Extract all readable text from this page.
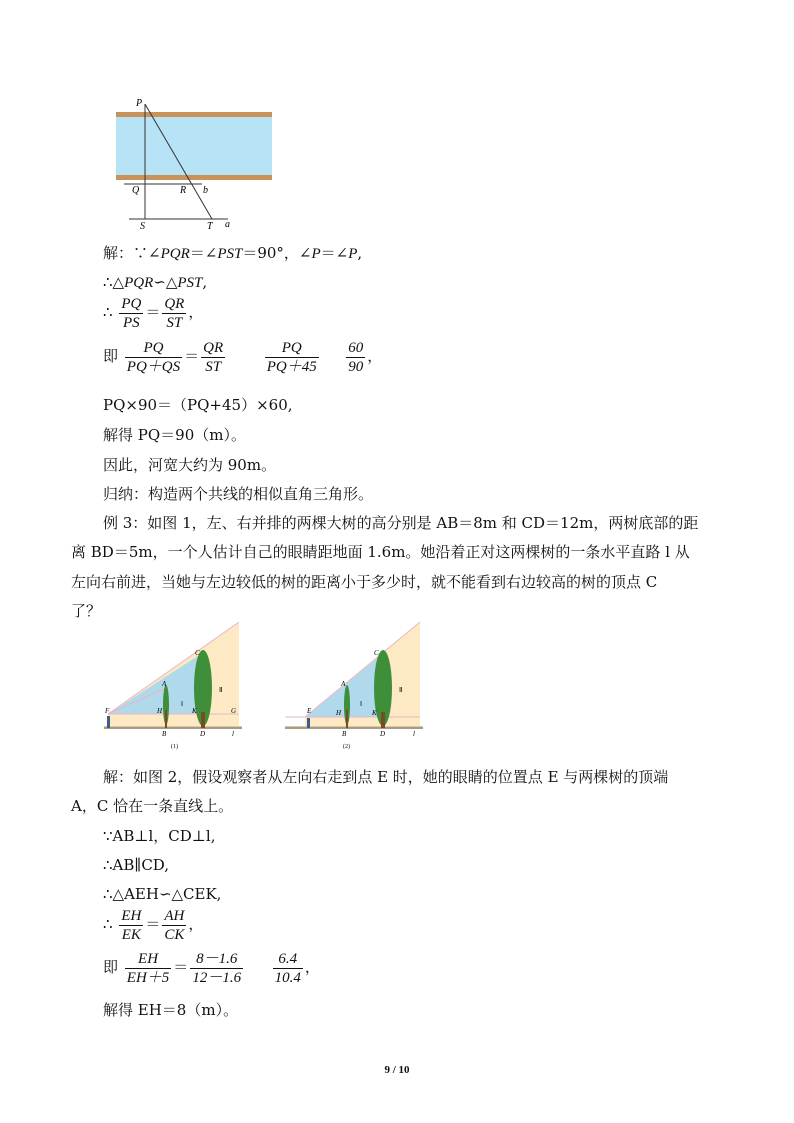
P
Q	R b
S	T a
解：∵∠PQR＝∠PST＝90°，∠P＝∠P,
∴△PQR∽△PST,
∴ $\frac{PQ}{PS} = \frac{QR}{ST}$ ，
即 $\frac{PQ}{PQ+QS} = \frac{QR}{ST}$
	$\frac{PQ}{PQ+45}$
$\frac{60}{90}$ ，
PQ×90＝（PQ+45）×60,
解得 PQ＝90（m）。
因此，河宽大约为 90m。
归纳：构造两个共线的相似直角三角形。
例 3：如图 1，左、右并排的两棵大树的高分别是 AB＝8m 和 CD＝12m，两树底部的距
离 BD＝5m，一个人估计自己的眼睛距地面 1.6m。她沿着正对这两棵树的一条水平直路 l 从
左向右前进，当她与左边较低的树的距离小于多少时，就不能看到右边较高的树的顶点 C
了？
C
A
F	H	K	G
B	D	l
Ⅰ
Ⅱ
(1)
C
A
E	H	K
B	D	l
Ⅰ
Ⅱ
(2)
解：如图 2，假设观察者从左向右走到点 E 时，她的眼睛的位置点 E 与两棵树的顶端
A，C 恰在一条直线上。
∵AB⊥l，CD⊥l,
∴AB∥CD,
∴△AEH∽△CEK,
∴ $\frac{EH}{EK} = \frac{AH}{CK}$ ，
即 $\frac{EH}{EH+5} = \frac{8-1.6}{12-1.6}$
$\frac{6.4}{10.4}$ ，
解得 EH＝8（m）。
9 / 10
